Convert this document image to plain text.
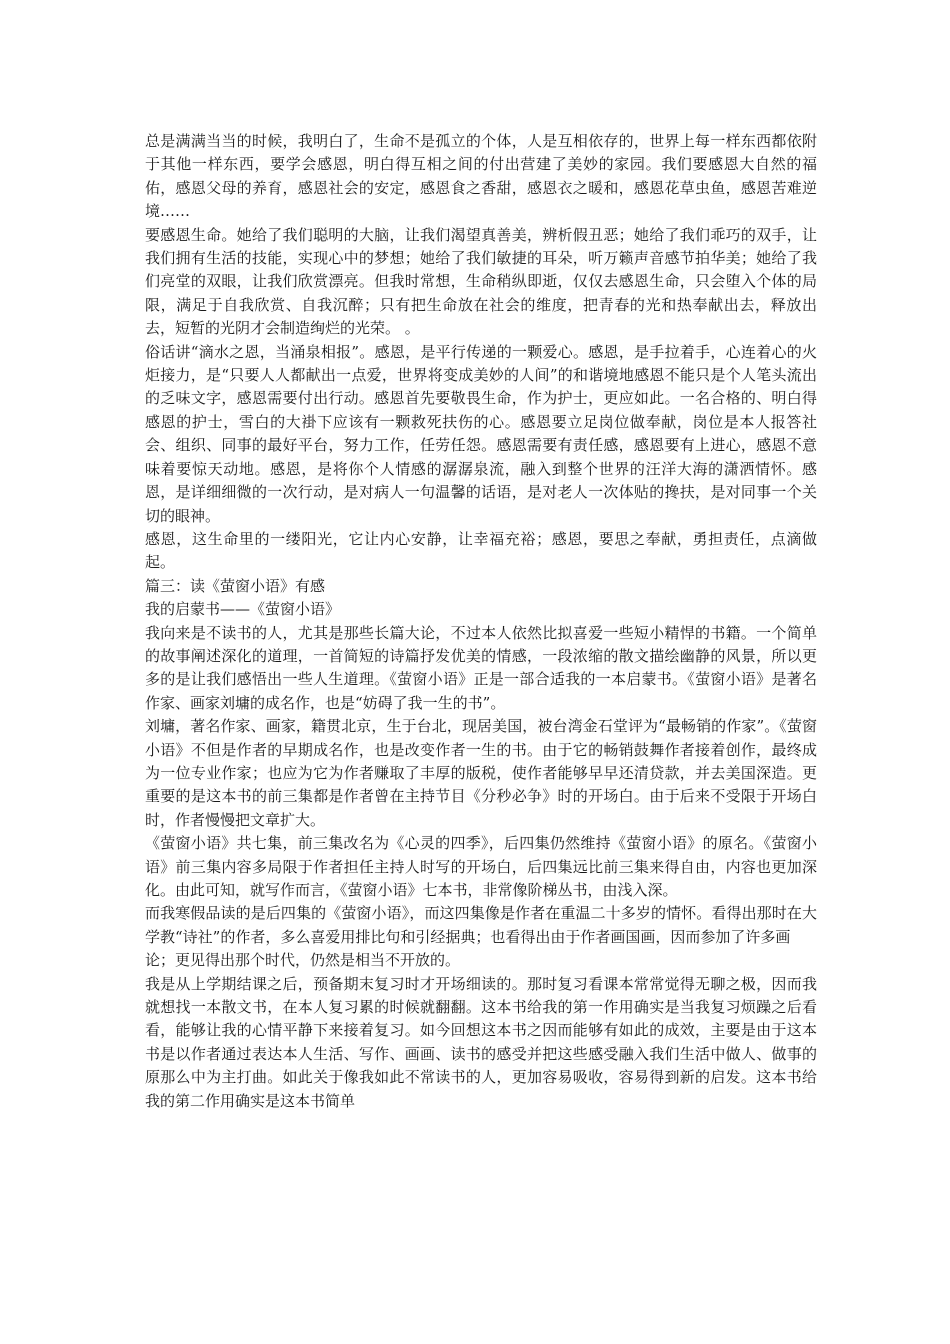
总是满满当当的时候，我明白了，生命不是孤立的个体，人是互相依存的，世界上每一样东西都依附于其他一样东西，要学会感恩，明白得互相之间的付出营建了美妙的家园。我们要感恩大自然的福佑，感恩父母的养育，感恩社会的安定，感恩食之香甜，感恩衣之暖和，感恩花草虫鱼，感恩苦难逆境……

要感恩生命。她给了我们聪明的大脑，让我们渴望真善美，辨析假丑恶；她给了我们乖巧的双手，让我们拥有生活的技能，实现心中的梦想；她给了我们敏捷的耳朵，听万籁声音感节拍华美；她给了我们亮堂的双眼，让我们欣赏漂亮。但我时常想，生命稍纵即逝，仅仅去感恩生命，只会堕入个体的局限，满足于自我欣赏、自我沉醉；只有把生命放在社会的维度，把青春的光和热奉献出去，释放出去，短暂的光阴才会制造绚烂的光荣。 。

俗话讲“滴水之恩，当涌泉相报”。感恩，是平行传递的一颗爱心。感恩，是手拉着手，心连着心的火炬接力，是“只要人人都献出一点爱，世界将变成美妙的人间”的和谐境地感恩不能只是个人笔头流出的乏味文字，感恩需要付出行动。感恩首先要敬畏生命，作为护士，更应如此。一名合格的、明白得感恩的护士，雪白的大褂下应该有一颗救死扶伤的心。感恩要立足岗位做奉献，岗位是本人报答社会、组织、同事的最好平台，努力工作，任劳任怨。感恩需要有责任感，感恩要有上进心，感恩不意味着要惊天动地。感恩，是将你个人情感的潺潺泉流，融入到整个世界的汪洋大海的潇洒情怀。感恩，是详细细微的一次行动，是对病人一句温馨的话语，是对老人一次体贴的搀扶，是对同事一个关切的眼神。

感恩，这生命里的一缕阳光，它让内心安静，让幸福充裕；感恩，要思之奉献，勇担责任，点滴做起。

篇三：读《萤窗小语》有感

我的启蒙书——《萤窗小语》

我向来是不读书的人，尤其是那些长篇大论，不过本人依然比拟喜爱一些短小精悍的书籍。一个简单的故事阐述深化的道理，一首简短的诗篇抒发优美的情感，一段浓缩的散文描绘幽静的风景，所以更多的是让我们感悟出一些人生道理。《萤窗小语》正是一部合适我的一本启蒙书。《萤窗小语》是著名作家、画家刘墉的成名作，也是“妨碍了我一生的书”。

刘墉，著名作家、画家，籍贯北京，生于台北，现居美国，被台湾金石堂评为“最畅销的作家”。《萤窗小语》不但是作者的早期成名作，也是改变作者一生的书。由于它的畅销鼓舞作者接着创作，最终成为一位专业作家；也应为它为作者赚取了丰厚的版税，使作者能够早早还清贷款，并去美国深造。更重要的是这本书的前三集都是作者曾在主持节目《分秒必争》时的开场白。由于后来不受限于开场白时，作者慢慢把文章扩大。

《萤窗小语》共七集，前三集改名为《心灵的四季》，后四集仍然维持《萤窗小语》的原名。《萤窗小语》前三集内容多局限于作者担任主持人时写的开场白，后四集远比前三集来得自由，内容也更加深化。由此可知，就写作而言，《萤窗小语》七本书，非常像阶梯丛书，由浅入深。

而我寒假品读的是后四集的《萤窗小语》，而这四集像是作者在重温二十多岁的情怀。看得出那时在大学教“诗社”的作者，多么喜爱用排比句和引经据典；也看得出由于作者画国画，因而参加了许多画

论；更见得出那个时代，仍然是相当不开放的。

我是从上学期结课之后，预备期末复习时才开场细读的。那时复习看课本常常觉得无聊之极，因而我就想找一本散文书，在本人复习累的时候就翻翻。这本书给我的第一作用确实是当我复习烦躁之后看看，能够让我的心情平静下来接着复习。如今回想这本书之因而能够有如此的成效，主要是由于这本书是以作者通过表达本人生活、写作、画画、读书的感受并把这些感受融入我们生活中做人、做事的原那么中为主打曲。如此关于像我如此不常读书的人，更加容易吸收，容易得到新的启发。这本书给我的第二作用确实是这本书简单
